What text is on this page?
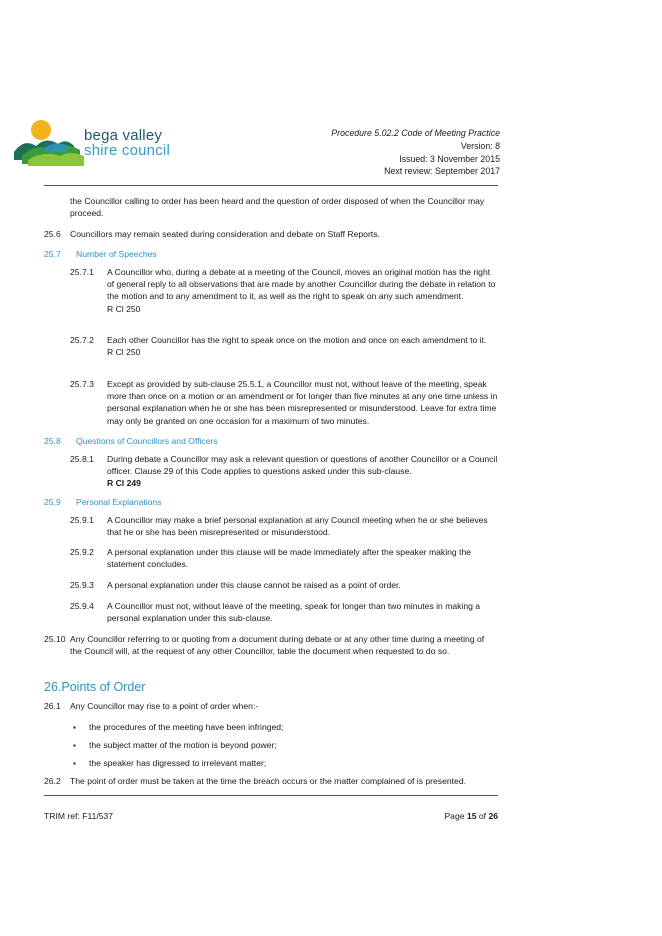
bega valley
shire council
Procedure 5.02.2 Code of Meeting Practice
Version: 8
Issued: 3 November 2015
Next review: September 2017
the Councillor calling to order has been heard and the question of order disposed of when the Councillor may proceed.
25.6 Councillors may remain seated during consideration and debate on Staff Reports.
25.7 Number of Speeches
25.7.1 A Councillor who, during a debate at a meeting of the Council, moves an original motion has the right of general reply to all observations that are made by another Councillor during the debate in relation to the motion and to any amendment to it, as well as the right to speak on any such amendment.
R Cl 250
25.7.2 Each other Councillor has the right to speak once on the motion and once on each amendment to it.
R Cl 250
25.7.3 Except as provided by sub-clause 25.5.1, a Councillor must not, without leave of the meeting, speak more than once on a motion or an amendment or for longer than five minutes at any one time unless in personal explanation when he or she has been misrepresented or misunderstood. Leave for extra time may only be granted on one occasion for a maximum of two minutes.
25.8 Questions of Councillors and Officers
25.8.1 During debate a Councillor may ask a relevant question or questions of another Councillor or a Council officer. Clause 29 of this Code applies to questions asked under this sub-clause.
R Cl 249
25.9 Personal Explanations
25.9.1 A Councillor may make a brief personal explanation at any Council meeting when he or she believes that he or she has been misrepresented or misunderstood.
25.9.2 A personal explanation under this clause will be made immediately after the speaker making the statement concludes.
25.9.3 A personal explanation under this clause cannot be raised as a point of order.
25.9.4 A Councillor must not, without leave of the meeting, speak for longer than two minutes in making a personal explanation under this sub-clause.
25.10 Any Councillor referring to or quoting from a document during debate or at any other time during a meeting of the Council will, at the request of any other Councillor, table the document when requested to do so.
26.Points of Order
26.1 Any Councillor may rise to a point of order when:-
▪ the procedures of the meeting have been infringed;
▪ the subject matter of the motion is beyond power;
▪ the speaker has digressed to irrelevant matter;
26.2 The point of order must be taken at the time the breach occurs or the matter complained of is presented.
TRIM ref: F11/537	Page 15 of 26
